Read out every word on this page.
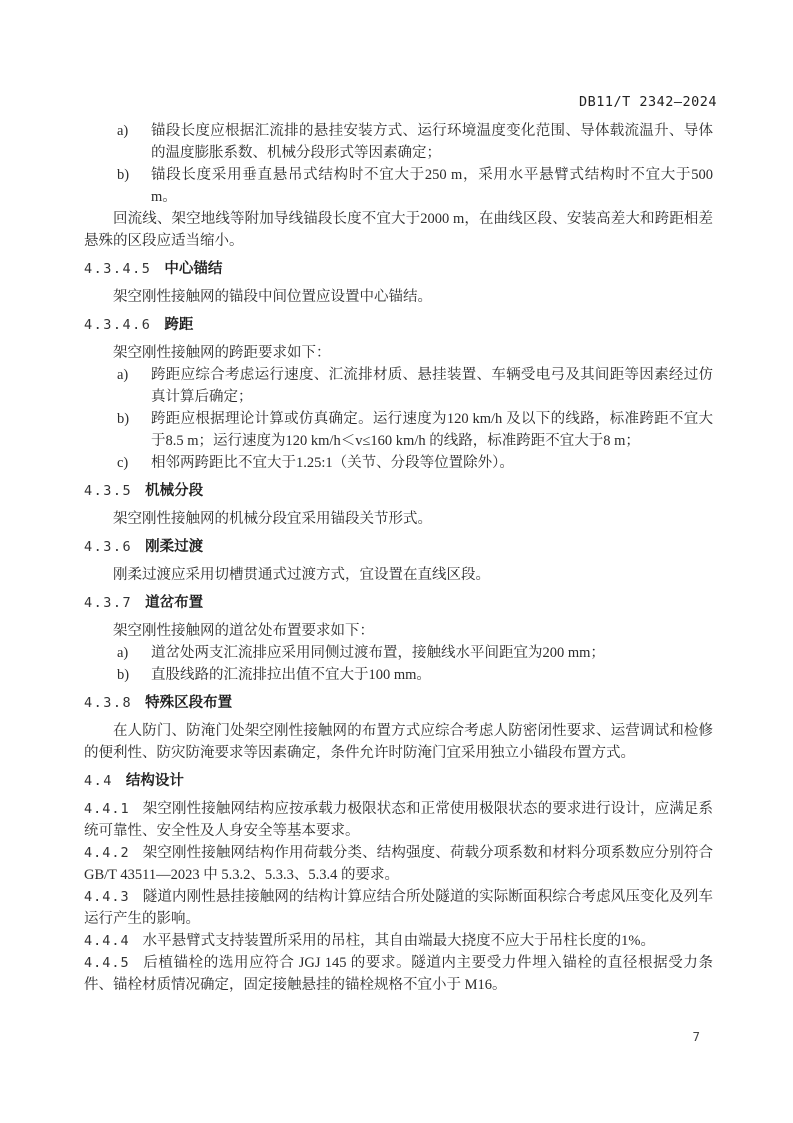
DB11/T 2342—2024

a) 锚段长度应根据汇流排的悬挂安装方式、运行环境温度变化范围、导体载流温升、导体的温度膨胀系数、机械分段形式等因素确定；

b) 锚段长度采用垂直悬吊式结构时不宜大于250 m，采用水平悬臂式结构时不宜大于500 m。

回流线、架空地线等附加导线锚段长度不宜大于2000 m，在曲线区段、安装高差大和跨距相差悬殊的区段应适当缩小。

4.3.4.5 中心锚结

架空刚性接触网的锚段中间位置应设置中心锚结。

4.3.4.6 跨距

架空刚性接触网的跨距要求如下：

a) 跨距应综合考虑运行速度、汇流排材质、悬挂装置、车辆受电弓及其间距等因素经过仿真计算后确定；

b) 跨距应根据理论计算或仿真确定。运行速度为120 km/h 及以下的线路，标准跨距不宜大于8.5 m；运行速度为120 km/h＜v≤160 km/h 的线路，标准跨距不宜大于8 m；

c) 相邻两跨距比不宜大于1.25:1（关节、分段等位置除外）。

4.3.5 机械分段

架空刚性接触网的机械分段宜采用锚段关节形式。

4.3.6 刚柔过渡

刚柔过渡应采用切槽贯通式过渡方式，宜设置在直线区段。

4.3.7 道岔布置

架空刚性接触网的道岔处布置要求如下：

a) 道岔处两支汇流排应采用同侧过渡布置，接触线水平间距宜为200 mm；

b) 直股线路的汇流排拉出值不宜大于100 mm。

4.3.8 特殊区段布置

在人防门、防淹门处架空刚性接触网的布置方式应综合考虑人防密闭性要求、运营调试和检修的便利性、防灾防淹要求等因素确定，条件允许时防淹门宜采用独立小锚段布置方式。

4.4 结构设计

4.4.1 架空刚性接触网结构应按承载力极限状态和正常使用极限状态的要求进行设计，应满足系统可靠性、安全性及人身安全等基本要求。

4.4.2 架空刚性接触网结构作用荷载分类、结构强度、荷载分项系数和材料分项系数应分别符合 GB/T 43511—2023 中 5.3.2、5.3.3、5.3.4 的要求。

4.4.3 隧道内刚性悬挂接触网的结构计算应结合所处隧道的实际断面积综合考虑风压变化及列车运行产生的影响。

4.4.4 水平悬臂式支持装置所采用的吊柱，其自由端最大挠度不应大于吊柱长度的1%。

4.4.5 后植锚栓的选用应符合 JGJ 145 的要求。隧道内主要受力件埋入锚栓的直径根据受力条件、锚栓材质情况确定，固定接触悬挂的锚栓规格不宜小于 M16。

7
